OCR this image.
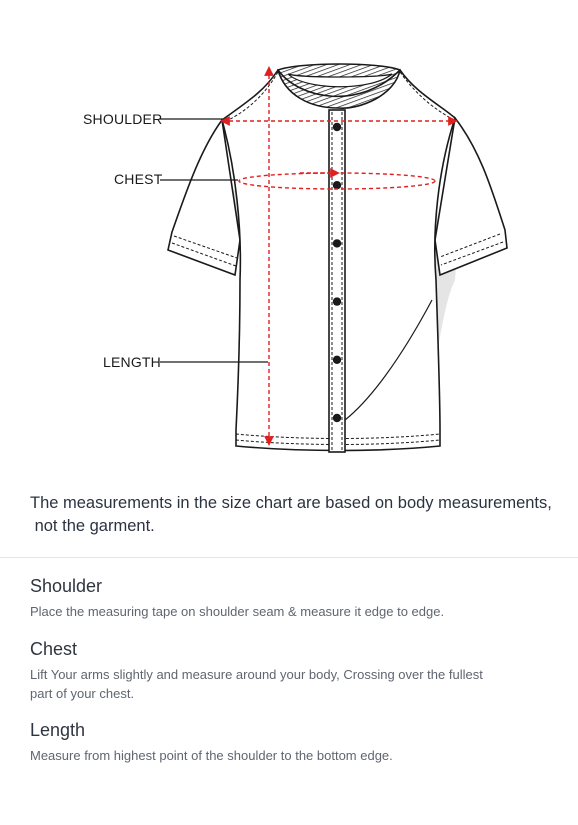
SHOULDER
CHEST
LENGTH
The measurements in the size chart are based on body measurements,
not the garment.
Shoulder

Place the measuring tape on shoulder seam & measure it edge to edge.

Chest

Lift Your arms slightly and measure around your body, Crossing over the fullest
part of your chest.

Length

Measure from highest point of the shoulder to the bottom edge.
